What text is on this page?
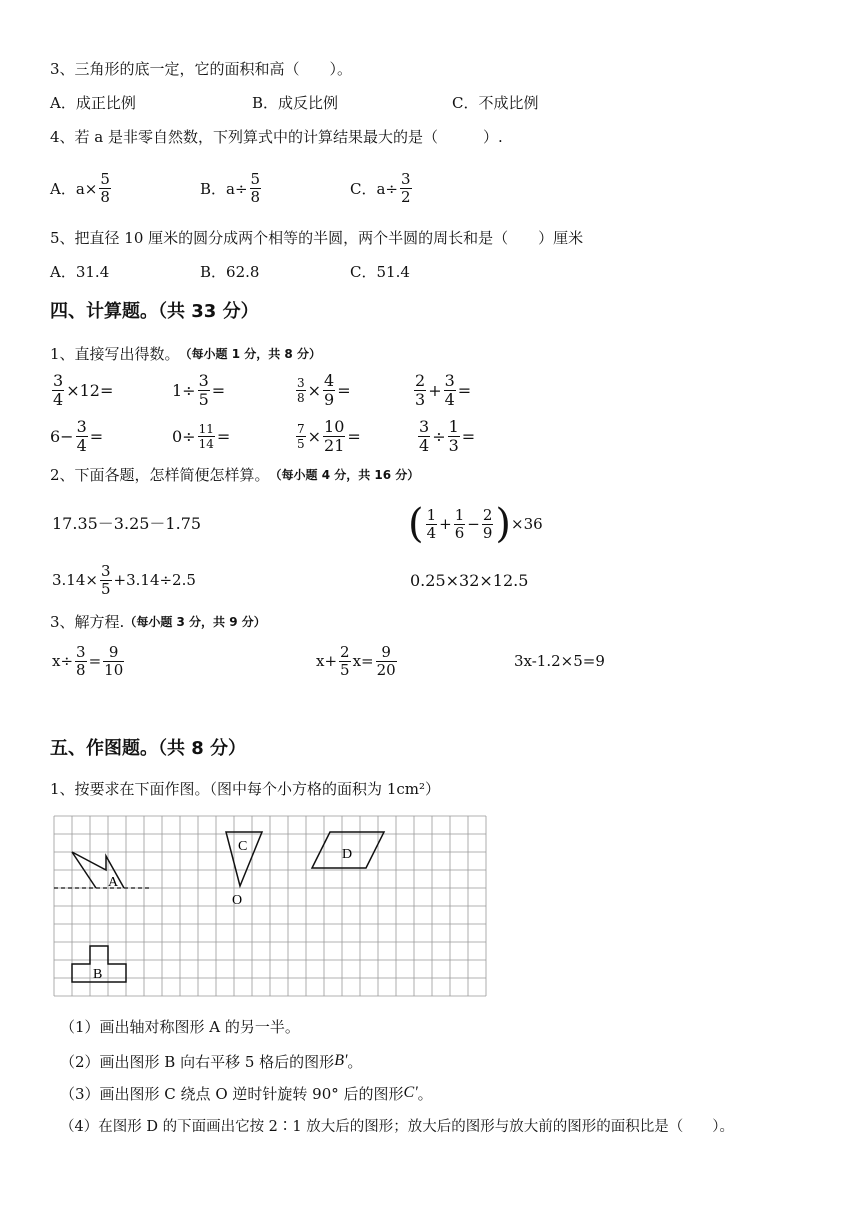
3、三角形的底一定，它的面积和高（　　）。
A．成正比例	B．成反比例	C．不成比例
4、若 a 是非零自然数，下列算式中的计算结果最大的是（　　　）.
A．$a\times \frac{5}{8}$	B．$a\div \frac{5}{8}$	C．$a\div \frac{3}{2}$
5、把直径 10 厘米的圆分成两个相等的半圆，两个半圆的周长和是（　　）厘米
A．31.4	B．62.8	C．51.4
四、计算题。（共 33 分）
1、直接写出得数。 （每小题 1 分，共 8 分）
$\frac{3}{4} \times 12=$	$1\div \frac{3}{5}$ =	$\frac{3}{8} \times \frac{4}{9}$ =	$\frac{2}{3} + \frac{3}{4}$ =
$6- \frac{3}{4}$ =	$0\div \frac{11}{14}$ =	$\frac{7}{5} \times \frac{10}{21}$ =	$\frac{3}{4} \div \frac{1}{3}$ =
2、下面各题，怎样简便怎样算。 （每小题 4 分，共 16 分）
17.35－3.25－1.75	( $\frac{1}{4} + \frac{1}{6} - \frac{2}{9}$ ) ×36
$3.14\times \frac{3}{5} +3.14\div 2.5$	0.25×32×12.5
3、解方程. （每小题 3 分，共 9 分）
$x\div \frac{3}{8} = \frac{9}{10}$	$x+ \frac{2}{5} x= \frac{9}{20}$	3x-1.2×5=9
五、作图题。（共 8 分）
1、按要求在下面作图。（图中每个小方格的面积为 1cm²）
A
B
C
O
D
（1）画出轴对称图形 A 的另一半。
（2）画出图形 B 向右平移 5 格后的图形 B' 。
（3）画出图形 C 绕点 O 逆时针旋转 90° 后的图形 C' 。
（4）在图形 D 的下面画出它按 2∶1 放大后的图形；放大后的图形与放大前的图形的面积比是（　　）。
